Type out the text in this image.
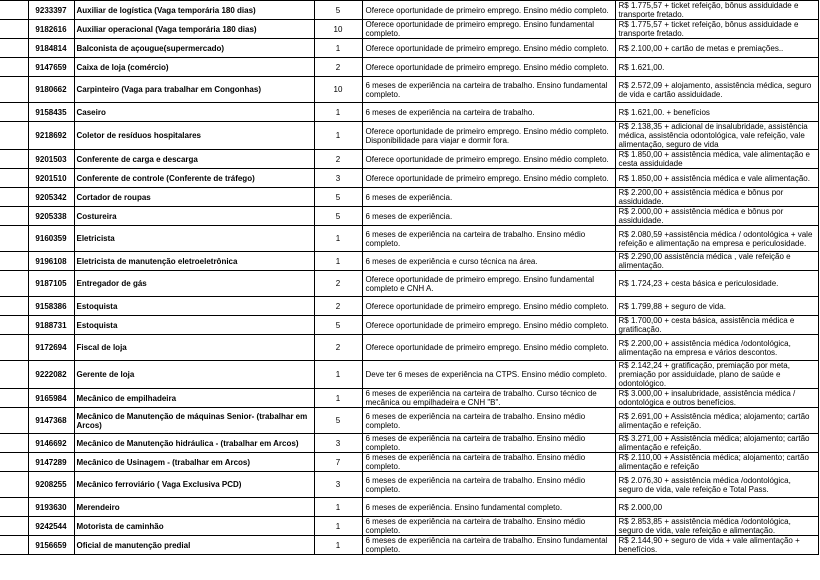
	9233397	Auxiliar de logística (Vaga temporária 180 dias)	5	Oferece oportunidade de primeiro emprego. Ensino médio completo.	R$ 1.775,57 + ticket refeição, bônus assiduidade e transporte fretado.
	9182616	Auxiliar operacional (Vaga temporária 180 dias)	10	Oferece oportunidade de primeiro emprego. Ensino fundamental completo.	R$ 1.775,57 + ticket refeição, bônus assiduidade e transporte fretado.
	9184814	Balconista de açougue(supermercado)	1	Oferece oportunidade de primeiro emprego. Ensino médio completo.	R$ 2.100,00 + cartão de metas e premiações..
	9147659	Caixa de loja (comércio)	2	Oferece oportunidade de primeiro emprego. Ensino médio completo.	R$ 1.621,00.
	9180662	Carpinteiro (Vaga para trabalhar em Congonhas)	10	6 meses de experiência na carteira de trabalho. Ensino fundamental completo.	R$ 2.572,09 + alojamento, assistência médica, seguro de vida e cartão assiduidade.
	9158435	Caseiro	1	6 meses de experiência na carteira de trabalho.	R$ 1.621,00. + benefícios
	9218692	Coletor de resíduos hospitalares	1	Oferece oportunidade de primeiro emprego. Ensino médio completo. Disponibilidade para viajar e dormir fora.	R$ 2.138,35 + adicional de insalubridade, assistência médica, assistência odontológica, vale refeição, vale alimentação, seguro de vida
	9201503	Conferente de carga e descarga	2	Oferece oportunidade de primeiro emprego. Ensino médio completo.	R$ 1.850,00 + assistência médica, vale alimentação e cesta assiduidade
	9201510	Conferente de controle (Conferente de tráfego)	3	Oferece oportunidade de primeiro emprego. Ensino médio completo.	R$ 1.850,00 + assistência médica e vale alimentação.
	9205342	Cortador de roupas	5	6 meses de experiência.	R$ 2.200,00 + assistência médica e bônus por assiduidade.
	9205338	Costureira	5	6 meses de experiência.	R$ 2.000,00 + assistência médica e bônus por assiduidade.
	9160359	Eletricista	1	6 meses de experiência na carteira de trabalho. Ensino médio completo.	R$ 2.080,59 +assistência médica / odontológica + vale refeição e alimentação na empresa e periculosidade.
	9196108	Eletricista de manutenção eletroeletrônica	1	6 meses de experiência e curso técnica na área.	R$ 2.290,00 assistência médica , vale refeição e alimentação.
	9187105	Entregador de gás	2	Oferece oportunidade de primeiro emprego. Ensino fundamental completo e CNH A.	R$ 1.724,23 + cesta básica e periculosidade.
	9158386	Estoquista	2	Oferece oportunidade de primeiro emprego. Ensino médio completo.	R$ 1.799,88 + seguro de vida.
	9188731	Estoquista	5	Oferece oportunidade de primeiro emprego. Ensino médio completo.	R$ 1.700,00 + cesta básica, assistência médica e gratificação.
	9172694	Fiscal de loja	2	Oferece oportunidade de primeiro emprego. Ensino médio completo.	R$ 2.200,00 + assistência médica /odontológica, alimentação na empresa e vários descontos.
	9222082	Gerente de loja	1	Deve ter 6 meses de experiência na CTPS. Ensino médio completo.	R$ 2.142,24 + gratificação, premiação por meta, premiação por assiduidade, plano de saúde e odontológico.
	9165984	Mecânico de empilhadeira	1	6 meses de experiência na carteira de trabalho. Curso técnico de mecânica ou empilhadeira e CNH "B".	R$ 3.000,00 + insalubridade, assistência médica / odontológica e outros benefícios.
	9147368	Mecânico de Manutenção de máquinas Senior- (trabalhar em Arcos)	5	6 meses de experiência na carteira de trabalho. Ensino médio completo.	R$ 2.691,00 + Assistência médica; alojamento; cartão alimentação e refeição.
	9146692	Mecânico de Manutenção hidráulica - (trabalhar em Arcos)	3	6 meses de experiência na carteira de trabalho. Ensino médio completo.	R$ 3.271,00 + Assistência médica; alojamento; cartão alimentação e refeição.
	9147289	Mecânico de Usinagem - (trabalhar em Arcos)	7	6 meses de experiência na carteira de trabalho. Ensino médio completo.	R$ 2.110,00 + Assistência médica; alojamento; cartão alimentação e refeição
	9208255	Mecânico ferroviário ( Vaga Exclusiva PCD)	3	6 meses de experiência na carteira de trabalho. Ensino médio completo.	R$ 2.076,30 + assistência médica /odontológica, seguro de vida, vale refeição e Total Pass.
	9193630	Merendeiro	1	6 meses de experiência. Ensino fundamental completo.	R$ 2.000,00
	9242544	Motorista de caminhão	1	6 meses de experiência na carteira de trabalho. Ensino médio completo.	R$ 2.853,85 + assistência médica /odontológica, seguro de vida, vale refeição e alimentação.
	9156659	Oficial de manutenção predial	1	6 meses de experiência na carteira de trabalho. Ensino fundamental completo.	R$ 2.144,90 + seguro de vida + vale alimentação + benefícios.
